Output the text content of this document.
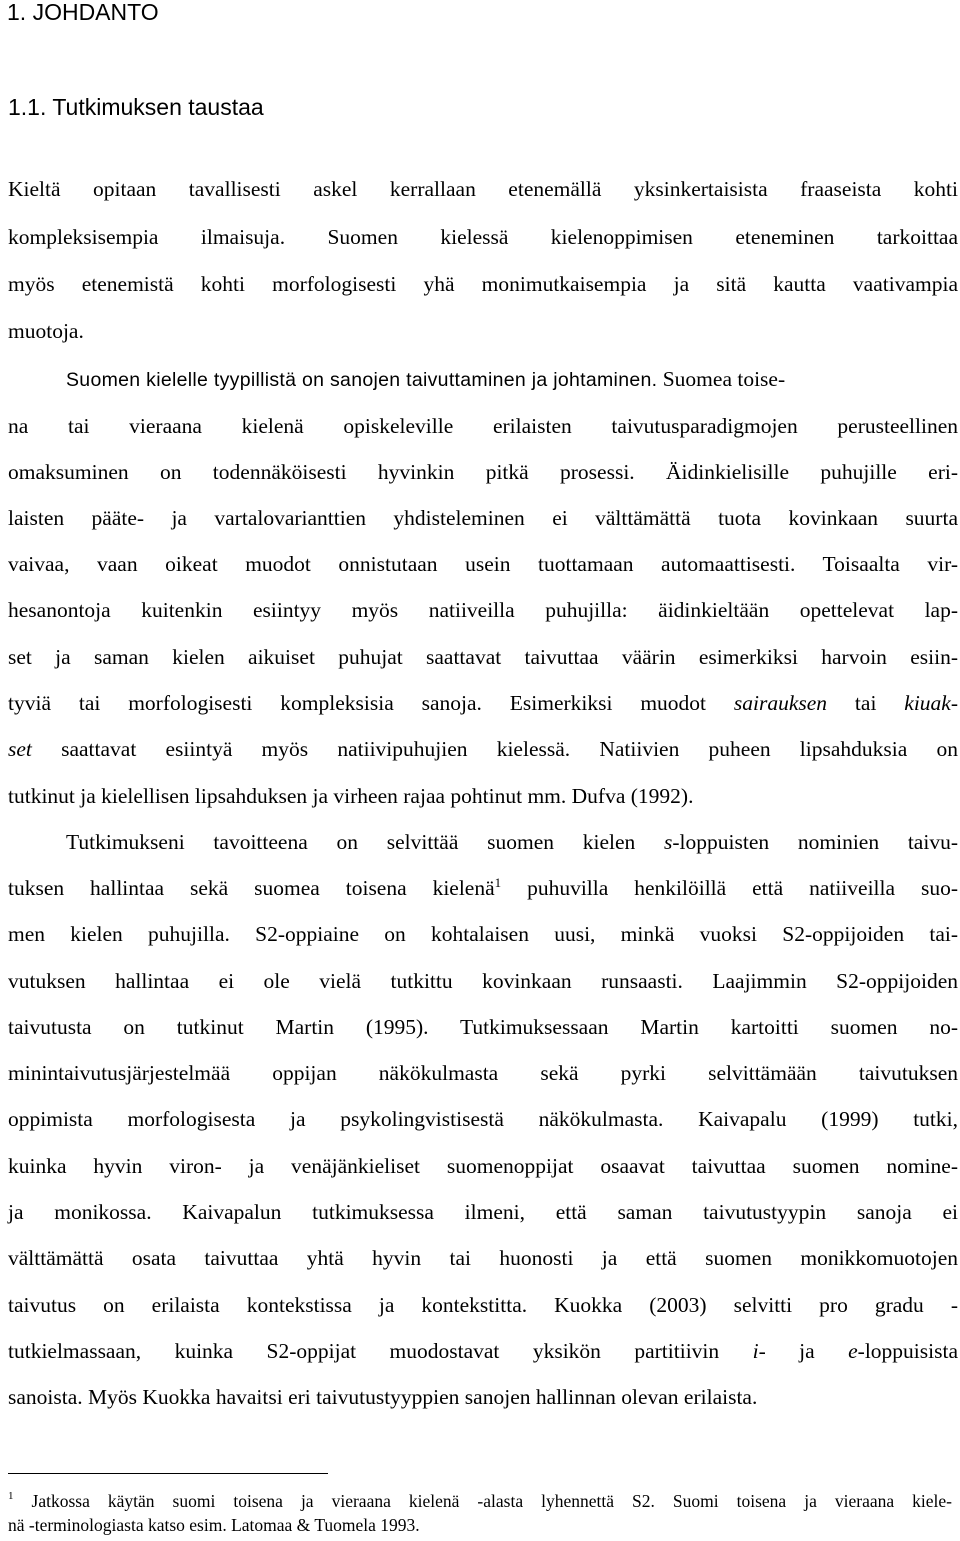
1. JOHDANTO
1.1. Tutkimuksen taustaa

Kieltä opitaan tavallisesti askel kerrallaan etenemällä yksinkertaisista fraaseista kohti

kompleksisempia ilmaisuja. Suomen kielessä kielenoppimisen eteneminen tarkoittaa

myös etenemistä kohti morfologisesti yhä monimutkaisempia ja sitä kautta vaativampia

muotoja.

Suomen kielelle tyypillistä on sanojen taivuttaminen ja johtaminen. Suomea toise-

na tai vieraana kielenä opiskeleville erilaisten taivutusparadigmojen perusteellinen

omaksuminen on todennäköisesti hyvinkin pitkä prosessi. Äidinkielisille puhujille eri-

laisten pääte- ja vartalovarianttien yhdisteleminen ei välttämättä tuota kovinkaan suurta

vaivaa, vaan oikeat muodot onnistutaan usein tuottamaan automaattisesti. Toisaalta vir-

hesanontoja kuitenkin esiintyy myös natiiveilla puhujilla: äidinkieltään opettelevat lap-

set ja saman kielen aikuiset puhujat saattavat taivuttaa väärin esimerkiksi harvoin esiin-

tyviä tai morfologisesti kompleksisia sanoja. Esimerkiksi muodot sairauksen tai kiuak-

set saattavat esiintyä myös natiivipuhujien kielessä. Natiivien puheen lipsahduksia on

tutkinut ja kielellisen lipsahduksen ja virheen rajaa pohtinut mm. Dufva (1992).

Tutkimukseni tavoitteena on selvittää suomen kielen s-loppuisten nominien taivu-

tuksen hallintaa sekä suomea toisena kielenä$^1$ puhuvilla henkilöillä että natiiveilla suo-

men kielen puhujilla. S2-oppiaine on kohtalaisen uusi, minkä vuoksi S2-oppijoiden tai-

vutuksen hallintaa ei ole vielä tutkittu kovinkaan runsaasti. Laajimmin S2-oppijoiden

taivutusta on tutkinut Martin (1995). Tutkimuksessaan Martin kartoitti suomen no-

minintaivutusjärjestelmää oppijan näkökulmasta sekä pyrki selvittämään taivutuksen

oppimista morfologisesta ja psykolingvistisestä näkökulmasta. Kaivapalu (1999) tutki,

kuinka hyvin viron- ja venäjänkieliset suomenoppijat osaavat taivuttaa suomen nomine-

ja monikossa. Kaivapalun tutkimuksessa ilmeni, että saman taivutustyypin sanoja ei

välttämättä osata taivuttaa yhtä hyvin tai huonosti ja että suomen monikkomuotojen

taivutus on erilaista kontekstissa ja kontekstitta. Kuokka (2003) selvitti pro gradu -

tutkielmassaan, kuinka S2-oppijat muodostavat yksikön partitiivin i- ja e-loppuisista

sanoista. Myös Kuokka havaitsi eri taivutustyyppien sanojen hallinnan olevan erilaista.

$^1$ Jatkossa käytän suomi toisena ja vieraana kielenä -alasta lyhennettä S2. Suomi toisena ja vieraana kiele-

nä -terminologiasta katso esim. Latomaa & Tuomela 1993.
